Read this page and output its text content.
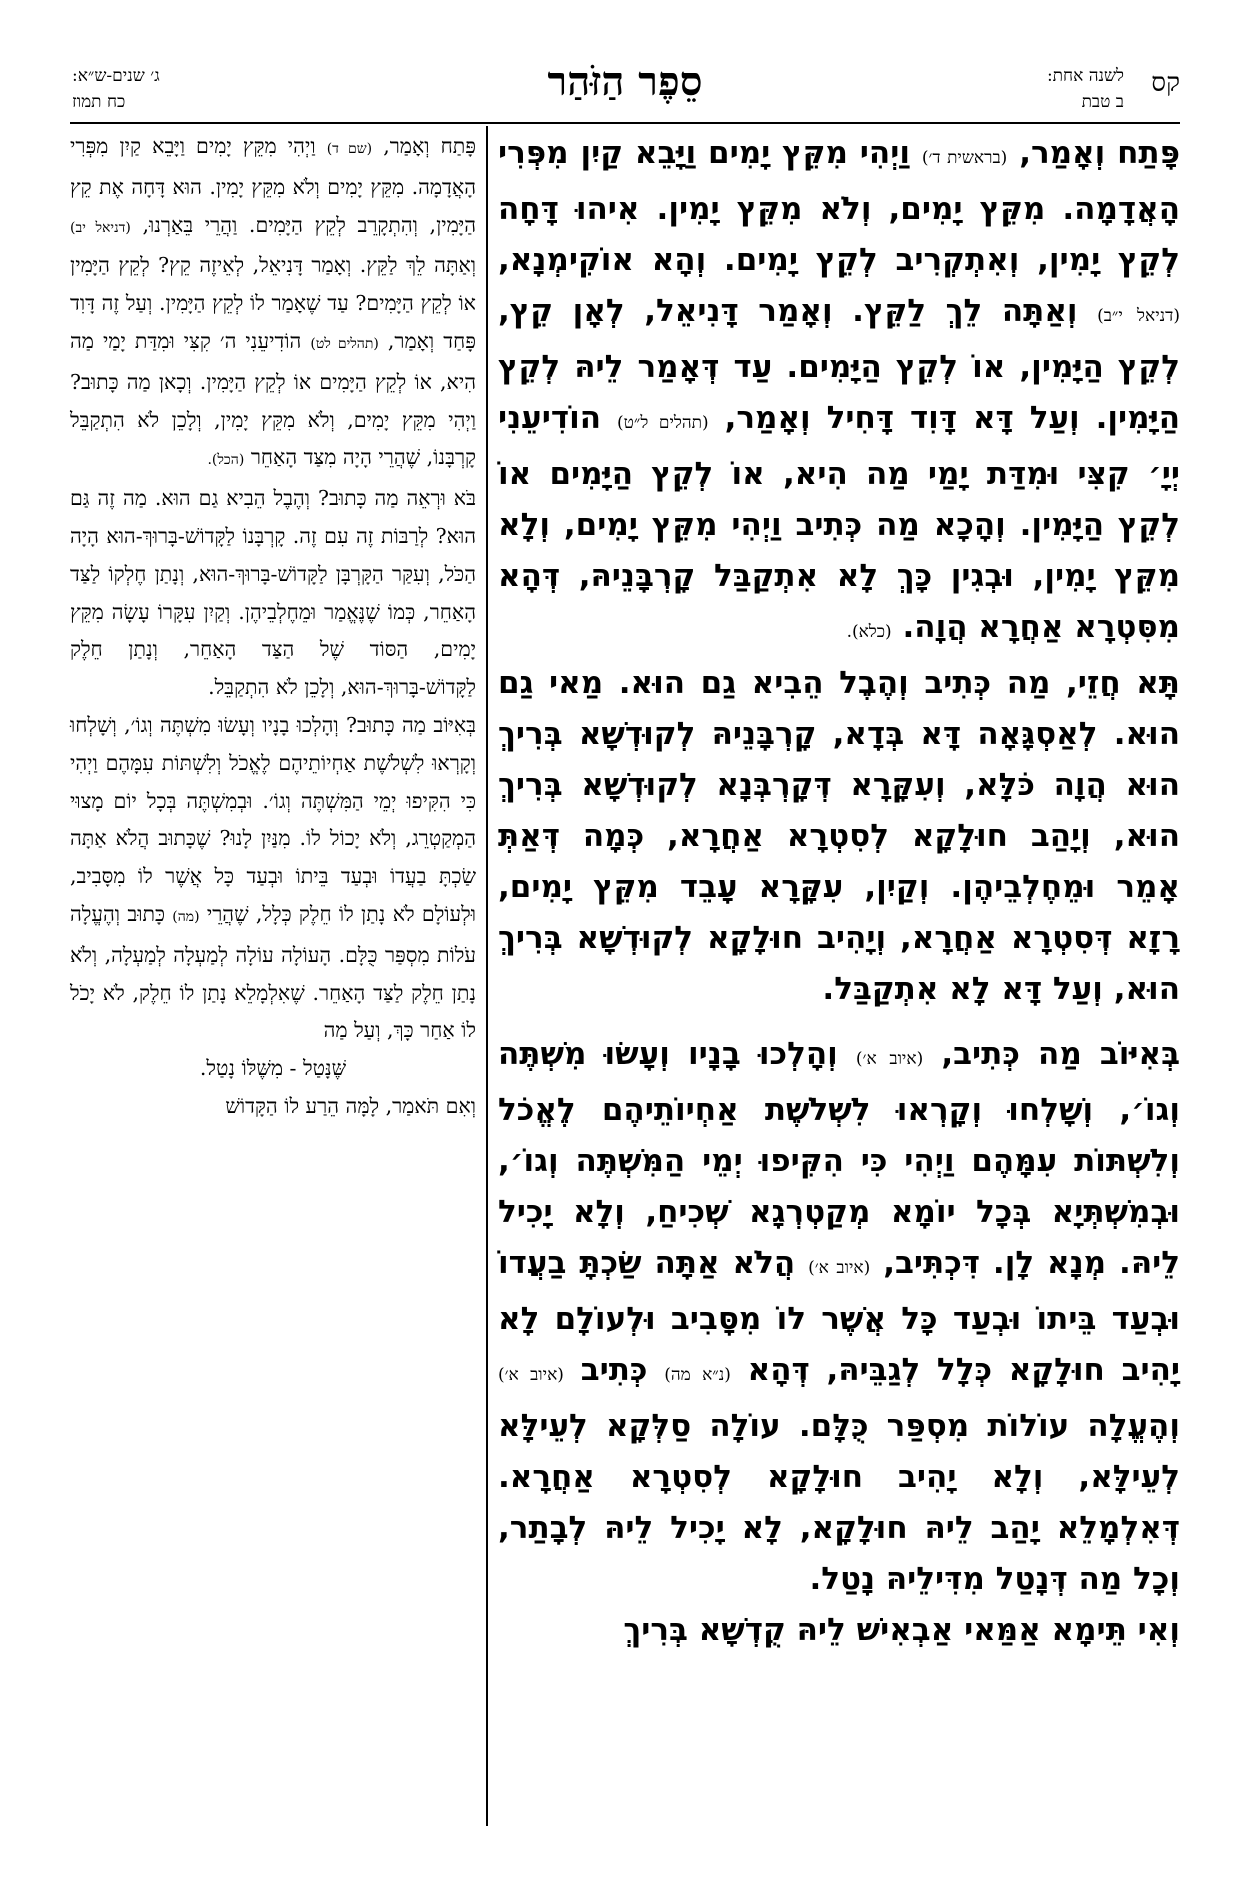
קס
לשנה אחת:
ב טבת
סֵפֶר הַזֹּהַר
ג׳ שנים-ש״א:
כח תמוז

פָּתַח וְאָמַר, (בראשית ד׳) וַיְהִי מִקֵּץ יָמִים וַיָּבֵא קַיִן מִפְּרִי הָאֲדָמָה. מִקֵּץ יָמִים, וְלֹא מִקֵּץ יָמִין. אִיהוּ דָּחָה לְקֵץ יָמִין, וְאִתְקְרִיב לְקֵץ יָמִים. וְהָא אוֹקִימְנָא, (דניאל י״ב) וְאַתָּה לֵךְ לַקֵּץ. וְאָמַר דָּנִיאֵל, לְאָן קֵץ, לְקֵץ הַיָּמִין, אוֹ לְקֵץ הַיָּמִים. עַד דְּאָמַר לֵיהּ לְקֵץ הַיָּמִין. וְעַל דָּא דָּוִד דָּחִיל וְאָמַר, (תהלים ל״ט) הוֹדִיעֵנִי יְיָ׳ קִצִּי וּמִדַּת יָמַי מַה הִיא, אוֹ לְקֵץ הַיָּמִים אוֹ לְקֵץ הַיָּמִין. וְהָכָא מַה כְּתִיב וַיְהִי מִקֵּץ יָמִים, וְלָא מִקֵּץ יָמִין, וּבְגִין כָּךְ לָא אִתְקַבַּל קָרְבָּנֵיהּ, דְּהָא מִסִּטְרָא אַחֲרָא הֲוָה. (כלא).

תָּא חֲזֵי, מַה כְּתִיב וְהֶבֶל הֵבִיא גַם הוּא. מַאי גַם הוּא. לְאַסְגָּאָה דָּא בְּדָא, קָרְבָּנֵיהּ לְקוּדְשָׁא בְּרִיךְ הוּא הֲוָה כֹּלָּא, וְעִקָּרָא דְּקָרְבְּנָא לְקוּדְשָׁא בְּרִיךְ הוּא, וְיָהַב חוּלָקָא לְסִטְרָא אַחֲרָא, כְּמָה דְּאַתְּ אָמֵר וּמֵחֶלְבֵיהֶן. וְקַיִן, עִקָּרָא עָבֵד מִקֵּץ יָמִים, רָזָא דְּסִטְרָא אַחֲרָא, וְיָהִיב חוּלָקָא לְקוּדְשָׁא בְּרִיךְ הוּא, וְעַל דָּא לָא אִתְקַבַּל.

בְּאִיּוֹב מַה כְּתִיב, (איוב א׳) וְהָלְכוּ בָנָיו וְעָשׂוּ מִשְׁתֶּה וְגוֹ׳, וְשָׁלְחוּ וְקָרְאוּ לִשְׁלֹשֶׁת אַחְיוֹתֵיהֶם לֶאֱכֹל וְלִשְׁתּוֹת עִמָּהֶם וַיְהִי כִּי הִקִּיפוּ יְמֵי הַמִּשְׁתֶּה וְגוֹ׳, וּבְמִשְׁתְּיָא בְּכָל יוֹמָא מְקַטְרְגָא שְׁכִיחַ, וְלָא יָכִיל לֵיהּ. מְנָא לָן. דִּכְתִּיב, (איוב א׳) הֲלֹא אַתָּה שַׂכְתָּ בַעֲדוֹ וּבְעַד בֵּיתוֹ וּבְעַד כָּל אֲשֶׁר לוֹ מִסָּבִיב וּלְעוֹלָם לָא יָהִיב חוּלָקָא כְּלָל לְגַבֵּיהּ, דְּהָא (נ״א מה) כְּתִיב (איוב א׳) וְהֶעֱלָה עוֹלוֹת מִסְפַּר כֻּלָּם. עוֹלָה סַלְּקָא לְעֵילָּא לְעֵילָּא, וְלָא יָהִיב חוּלָקָא לְסִטְרָא אַחֲרָא. דְּאִלְמָלֵא יָהַב לֵיהּ חוּלָקָא, לָא יָכִיל לֵיהּ לְבָתַר, וְכָל מַה דְּנָטַל מִדִּילֵיהּ נָטַל.

וְאִי תֵּימָא אַמַּאי אַבְאִישׁ לֵיהּ קֻדְשָׁא בְּרִיךְ

פָּתַח וְאָמַר, (שם ד) וַיְהִי מִקֵּץ יָמִים וַיָּבֵא קַיִן מִפְּרִי הָאֲדָמָה. מִקֵּץ יָמִים וְלֹא מִקֵּץ יָמִין. הוּא דָּחָה אֶת קֵץ הַיָּמִין, וְהִתְקָרֵב לְקֵץ הַיָּמִים. וַהֲרֵי בֵּאַרְנוּ, (דניאל יב) וְאַתָּה לֵךְ לַקֵּץ. וְאָמַר דָּנִיאֵל, לְאֵיזֶה קֵץ? לְקֵץ הַיָּמִין אוֹ לְקֵץ הַיָּמִים? עַד שֶׁאָמַר לוֹ לְקֵץ הַיָּמִין. וְעַל זֶה דָּוִד פָּחַד וְאָמַר, (תהלים לט) הוֹדִיעֵנִי ה׳ קִצִּי וּמִדַּת יָמַי מַה הִיא, אוֹ לְקֵץ הַיָּמִים אוֹ לְקֵץ הַיָּמִין. וְכָאן מַה כָּתוּב? וַיְהִי מִקֵּץ יָמִים, וְלֹא מִקֵּץ יָמִין, וְלָכֵן לֹא הִתְקַבֵּל קָרְבָּנוֹ, שֶׁהֲרֵי הָיָה מִצַּד הָאַחֵר (הכל).

בֹּא וּרְאֵה מַה כָּתוּב? וְהֶבֶל הֵבִיא גַם הוּא. מַה זֶה גַּם הוּא? לְרַבּוֹת זֶה עִם זֶה. קָרְבָּנוֹ לַקָּדוֹשׁ-בָּרוּךְ-הוּא הָיָה הַכֹּל, וְעִקַּר הַקָּרְבָּן לַקָּדוֹשׁ-בָּרוּךְ-הוּא, וְנָתַן חֶלְקוֹ לַצַּד הָאַחֵר, כְּמוֹ שֶׁנֶּאֱמַר וּמֵחֶלְבֵיהֶן. וְקַיִן עִקָּרוֹ עָשָׂה מִקֵּץ יָמִים, הַסּוֹד שֶׁל הַצַּד הָאַחֵר, וְנָתַן חֵלֶק לַקָּדוֹשׁ-בָּרוּךְ-הוּא, וְלָכֵן לֹא הִתְקַבֵּל.

בְּאִיּוֹב מַה כָּתוּב? וְהָלְכוּ בָנָיו וְעָשׂוּ מִשְׁתֶּה וְגוֹ׳, וְשָׁלְחוּ וְקָרְאוּ לִשְׁלֹשֶׁת אַחְיוֹתֵיהֶם לֶאֱכֹל וְלִשְׁתּוֹת עִמָּהֶם וַיְהִי כִּי הִקִּיפוּ יְמֵי הַמִּשְׁתֶּה וְגוֹ׳. וּבְמִשְׁתֶּה בְּכָל יוֹם מָצוּי הַמְקַטְרֵג, וְלֹא יָכוֹל לוֹ. מִנַּיִן לָנוּ? שֶׁכָּתוּב הֲלֹא אַתָּה שַׂכְתָּ בַעֲדוֹ וּבְעַד בֵּיתוֹ וּבְעַד כָּל אֲשֶׁר לוֹ מִסָּבִיב, וּלְעוֹלָם לֹא נָתַן לוֹ חֵלֶק כְּלָל, שֶׁהֲרֵי (מה) כָּתוּב וְהֶעֱלָה עֹלוֹת מִסְפַּר כֻּלָּם. הָעוֹלָה עוֹלָה לְמַעְלָה לְמַעְלָה, וְלֹא נָתַן חֵלֶק לַצַּד הָאַחֵר. שֶׁאִלְמָלֵא נָתַן לוֹ חֵלֶק, לֹא יָכֹל לוֹ אַחַר כָּךְ, וְעַל מַה

שֶּׁנָּטַל - מִשֶּׁלּוֹ נָטַל.

וְאִם תֹּאמַר, לָמָּה הֵרַע לוֹ הַקָּדוֹשׁ
